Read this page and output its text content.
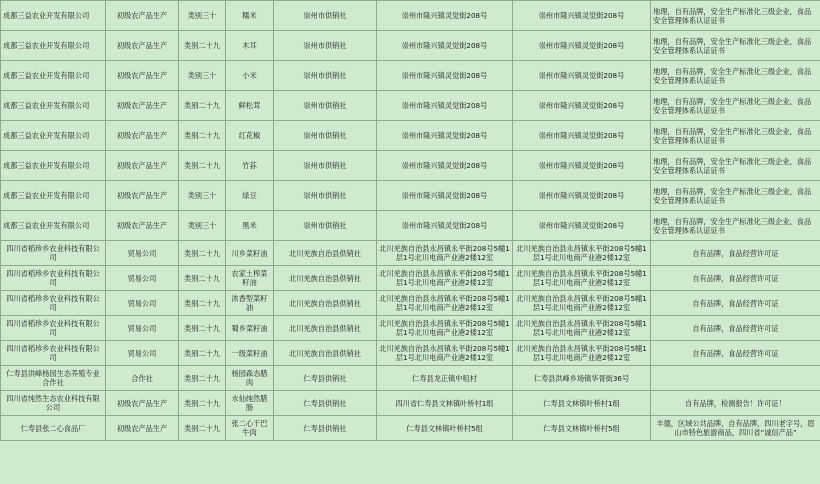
成都三益农业开发有限公司	初级农产品生产	类别三十	糯米	崇州市供销社	崇州市隆兴镇灵觉街208号	崇州市隆兴镇灵觉街208号	地理，自有品牌，安全生产标准化三级企业，食品安全管理体系认证证书
成都三益农业开发有限公司	初级农产品生产	类别二十九	木耳	崇州市供销社	崇州市隆兴镇灵觉街208号	崇州市隆兴镇灵觉街208号	地理，自有品牌，安全生产标准化三级企业，食品安全管理体系认证证书
成都三益农业开发有限公司	初级农产品生产	类别三十	小米	崇州市供销社	崇州市隆兴镇灵觉街208号	崇州市隆兴镇灵觉街208号	地理，自有品牌，安全生产标准化三级企业，食品安全管理体系认证证书
成都三益农业开发有限公司	初级农产品生产	类别二十九	鲜松茸	崇州市供销社	崇州市隆兴镇灵觉街208号	崇州市隆兴镇灵觉街208号	地理，自有品牌，安全生产标准化三级企业，食品安全管理体系认证证书
成都三益农业开发有限公司	初级农产品生产	类别二十九	红花椒	崇州市供销社	崇州市隆兴镇灵觉街208号	崇州市隆兴镇灵觉街208号	地理，自有品牌，安全生产标准化三级企业，食品安全管理体系认证证书
成都三益农业开发有限公司	初级农产品生产	类别二十九	竹荪	崇州市供销社	崇州市隆兴镇灵觉街208号	崇州市隆兴镇灵觉街208号	地理，自有品牌，安全生产标准化三级企业，食品安全管理体系认证证书
成都三益农业开发有限公司	初级农产品生产	类别三十	绿豆	崇州市供销社	崇州市隆兴镇灵觉街208号	崇州市隆兴镇灵觉街208号	地理，自有品牌，安全生产标准化三级企业，食品安全管理体系认证证书
成都三益农业开发有限公司	初级农产品生产	类别三十	黑米	崇州市供销社	崇州市隆兴镇灵觉街208号	崇州市隆兴镇灵觉街208号	地理，自有品牌，安全生产标准化三级企业，食品安全管理体系认证证书
四川省稻珍乡农业科技有限公司	贸易公司	类别二十九	川乡菜籽油	北川羌族自治县供销社	北川羌族自治县永昌镇永平街208号5幢1层1号北川电商产业港2楼12室	北川羌族自治县永昌镇永平街208号5幢1层1号北川电商产业港2楼12室	自有品牌，食品经营许可证
四川省稻珍乡农业科技有限公司	贸易公司	类别二十九	农家土榨菜籽油	北川羌族自治县供销社	北川羌族自治县永昌镇永平街208号5幢1层1号北川电商产业港2楼12室	北川羌族自治县永昌镇永平街208号5幢1层1号北川电商产业港2楼12室	自有品牌，食品经营许可证
四川省稻珍乡农业科技有限公司	贸易公司	类别二十九	浓香型菜籽油	北川羌族自治县供销社	北川羌族自治县永昌镇永平街208号5幢1层1号北川电商产业港2楼12室	北川羌族自治县永昌镇永平街208号5幢1层1号北川电商产业港2楼12室	自有品牌，食品经营许可证
四川省稻珍乡农业科技有限公司	贸易公司	类别二十九	蜀乡菜籽油	北川羌族自治县供销社	北川羌族自治县永昌镇永平街208号5幢1层1号北川电商产业港2楼12室	北川羌族自治县永昌镇永平街208号5幢1层1号北川电商产业港2楼12室	自有品牌，食品经营许可证
四川省稻珍乡农业科技有限公司	贸易公司	类别二十九	一级菜籽油	北川羌族自治县供销社	北川羌族自治县永昌镇永平街208号5幢1层1号北川电商产业港2楼12室	北川羌族自治县永昌镇永平街208号5幢1层1号北川电商产业港2楼12室	自有品牌，食品经营许可证
仁寿县洪峰杨园生态养殖专业合作社	合作社	类别二十九	杨园森态腊肉	仁寿县供销社	仁寿县龙正镇中咀村	仁寿县洪峰乡场镇华胥街36号	
四川省纯然生态农业科技有限公司	初级农产品生产	类别二十九	水仙纯然腊肠	仁寿县供销社	四川省仁寿县文林镇叶桥村1组	仁寿县文林镇叶桥村1组	自有品牌，检测报告！许可证！
仁寿县张二心食品厂	初级农产品生产	类别二十九	张二心干巴牛肉	仁寿县供销社	仁寿县文林镇叶桥村5组	仁寿县文林镇叶桥村5组	丰德，区域公共品牌，自有品牌，四川老字号，眉山市特色旅游商品，四川省“诚信产品”
